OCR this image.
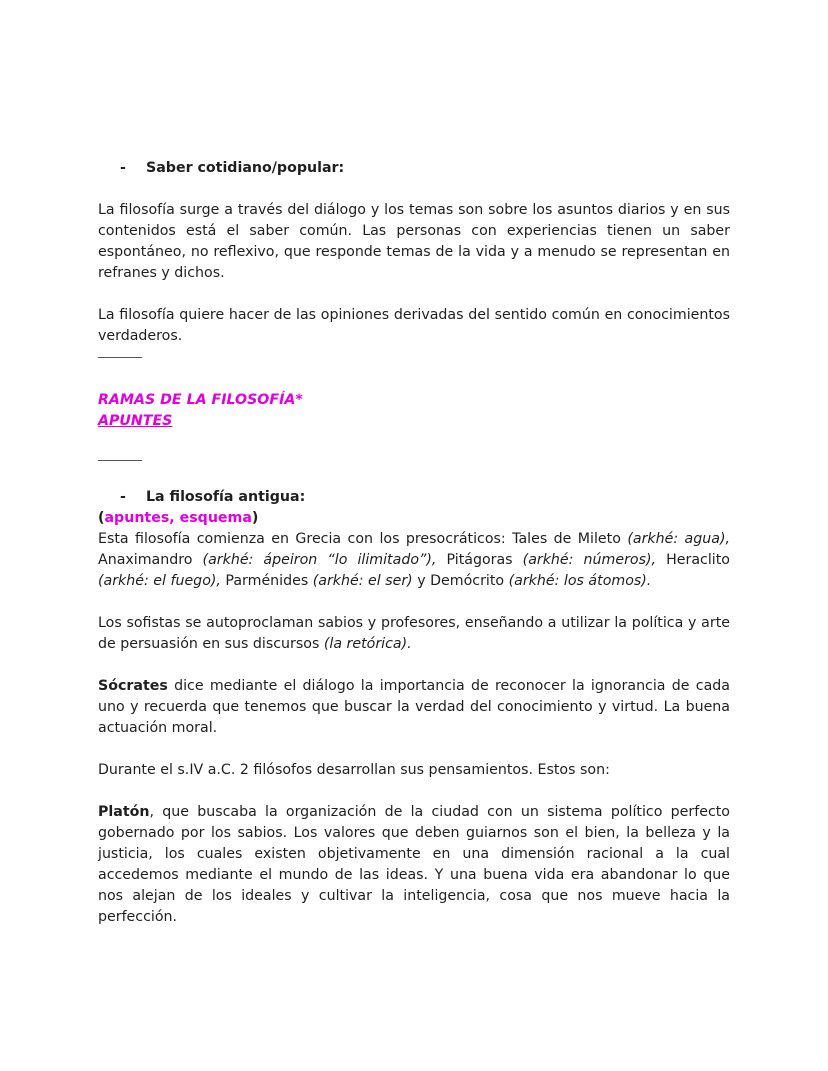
-	Saber cotidiano/popular:

La filosofía surge a través del diálogo y los temas son sobre los asuntos diarios y en sus contenidos está el saber común. Las personas con experiencias tienen un saber espontáneo, no reflexivo, que responde temas de la vida y a menudo se representan en refranes y dichos.

La filosofía quiere hacer de las opiniones derivadas del sentido común en conocimientos verdaderos.

RAMAS DE LA FILOSOFÍA*

APUNTES

-	La filosofía antigua:

(apuntes, esquema)

Esta filosofía comienza en Grecia con los presocráticos: Tales de Mileto (arkhé: agua), Anaximandro (arkhé: ápeiron “lo ilimitado”), Pitágoras (arkhé: números), Heraclito (arkhé: el fuego), Parménides (arkhé: el ser) y Demócrito (arkhé: los átomos).

Los sofistas se autoproclaman sabios y profesores, enseñando a utilizar la política y arte de persuasión en sus discursos (la retórica).

Sócrates dice mediante el diálogo la importancia de reconocer la ignorancia de cada uno y recuerda que tenemos que buscar la verdad del conocimiento y virtud. La buena actuación moral.

Durante el s.IV a.C. 2 filósofos desarrollan sus pensamientos. Estos son:

Platón, que buscaba la organización de la ciudad con un sistema político perfecto gobernado por los sabios. Los valores que deben guiarnos son el bien, la belleza y la justicia, los cuales existen objetivamente en una dimensión racional a la cual accedemos mediante el mundo de las ideas. Y una buena vida era abandonar lo que nos alejan de los ideales y cultivar la inteligencia, cosa que nos mueve hacia la perfección.
